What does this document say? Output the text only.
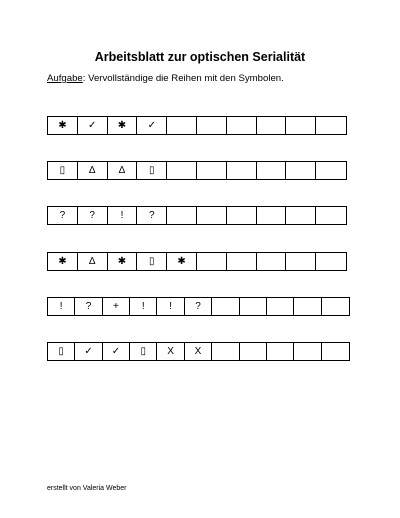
Arbeitsblatt zur optischen Serialität
Aufgabe: Vervollständige die Reihen mit den Symbolen.
✱	✓	✱	✓
▯	∆	∆	▯
?	?	!	?
✱	∆	✱	▯	✱
!	?	+	!	!	?
▯	✓	✓	▯	X	X
erstellt von Valeria Weber
